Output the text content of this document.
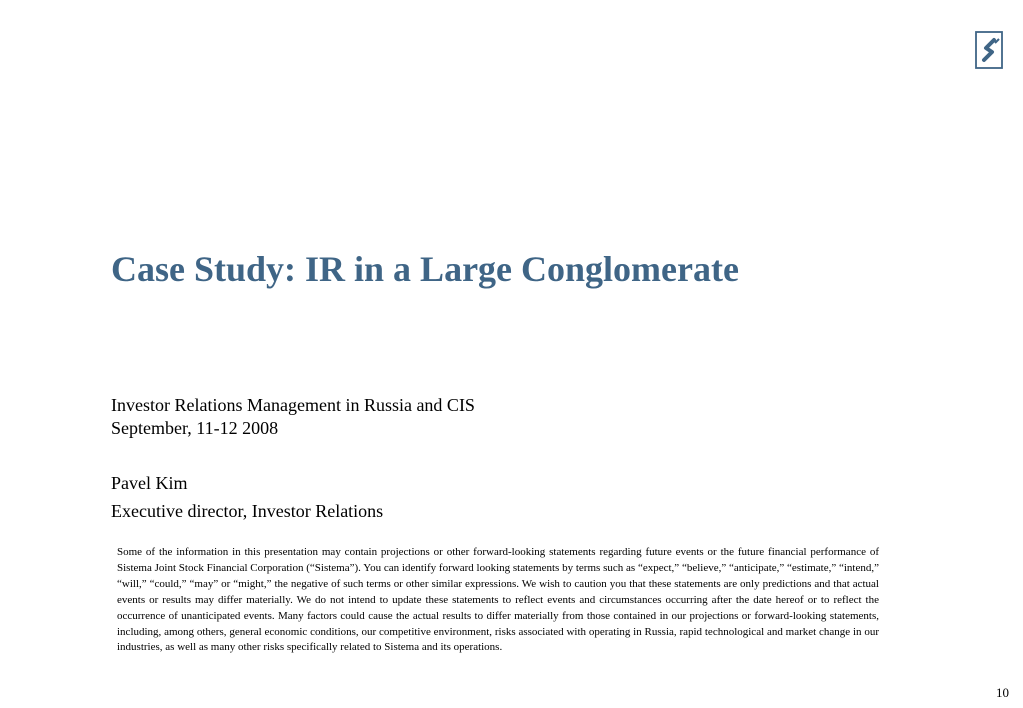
Case Study: IR in a Large Conglomerate
Investor Relations Management in Russia and CIS
September, 11-12 2008
Pavel Kim
Executive director, Investor Relations

Some of the information in this presentation may contain projections or other forward-looking statements regarding future events or the future financial performance of Sistema Joint Stock Financial Corporation (“Sistema”). You can identify forward looking statements by terms such as “expect,” “believe,” “anticipate,” “estimate,” “intend,” “will,” “could,” “may” or “might,” the negative of such terms or other similar expressions. We wish to caution you that these statements are only predictions and that actual events or results may differ materially. We do not intend to update these statements to reflect events and circumstances occurring after the date hereof or to reflect the occurrence of unanticipated events. Many factors could cause the actual results to differ materially from those contained in our projections or forward-looking statements, including, among others, general economic conditions, our competitive environment, risks associated with operating in Russia, rapid technological and market change in our industries, as well as many other risks specifically related to Sistema and its operations.

10
